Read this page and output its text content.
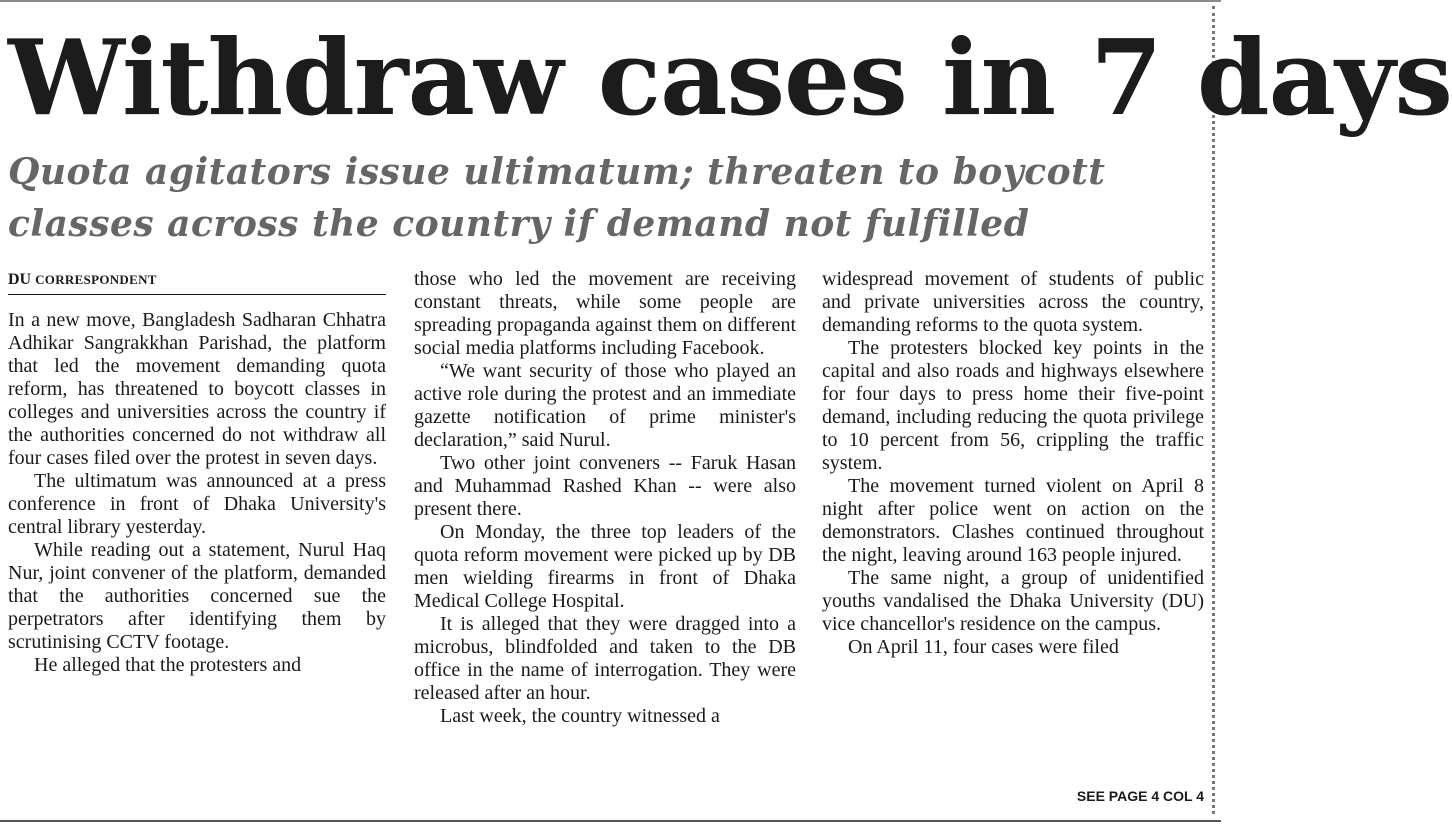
Withdraw cases in 7 days
Quota agitators issue ultimatum; threaten to boycott classes across the country if demand not fulfilled
DU CORRESPONDENT

In a new move, Bangladesh Sadharan Chhatra Adhikar Sangrakkhan Parishad, the platform that led the movement demanding quota reform, has threatened to boycott classes in colleges and universities across the country if the authorities concerned do not withdraw all four cases filed over the protest in seven days.

The ultimatum was announced at a press conference in front of Dhaka University's central library yesterday.

While reading out a statement, Nurul Haq Nur, joint convener of the platform, demanded that the authorities concerned sue the perpetrators after identifying them by scrutinising CCTV footage.

He alleged that the protesters and

those who led the movement are receiving constant threats, while some people are spreading propaganda against them on different social media platforms including Facebook.

“We want security of those who played an active role during the protest and an immediate gazette notification of prime minister's declaration,” said Nurul.

Two other joint conveners -- Faruk Hasan and Muhammad Rashed Khan -- were also present there.

On Monday, the three top leaders of the quota reform movement were picked up by DB men wielding firearms in front of Dhaka Medical College Hospital.

It is alleged that they were dragged into a microbus, blindfolded and taken to the DB office in the name of interrogation. They were released after an hour.

Last week, the country witnessed a

widespread movement of students of public and private universities across the country, demanding reforms to the quota system.

The protesters blocked key points in the capital and also roads and highways elsewhere for four days to press home their five-point demand, including reducing the quota privilege to 10 percent from 56, crippling the traffic system.

The movement turned violent on April 8 night after police went on action on the demonstrators. Clashes continued throughout the night, leaving around 163 people injured.

The same night, a group of unidentified youths vandalised the Dhaka University (DU) vice chancellor's residence on the campus.

On April 11, four cases were filed

SEE PAGE 4 COL 4
